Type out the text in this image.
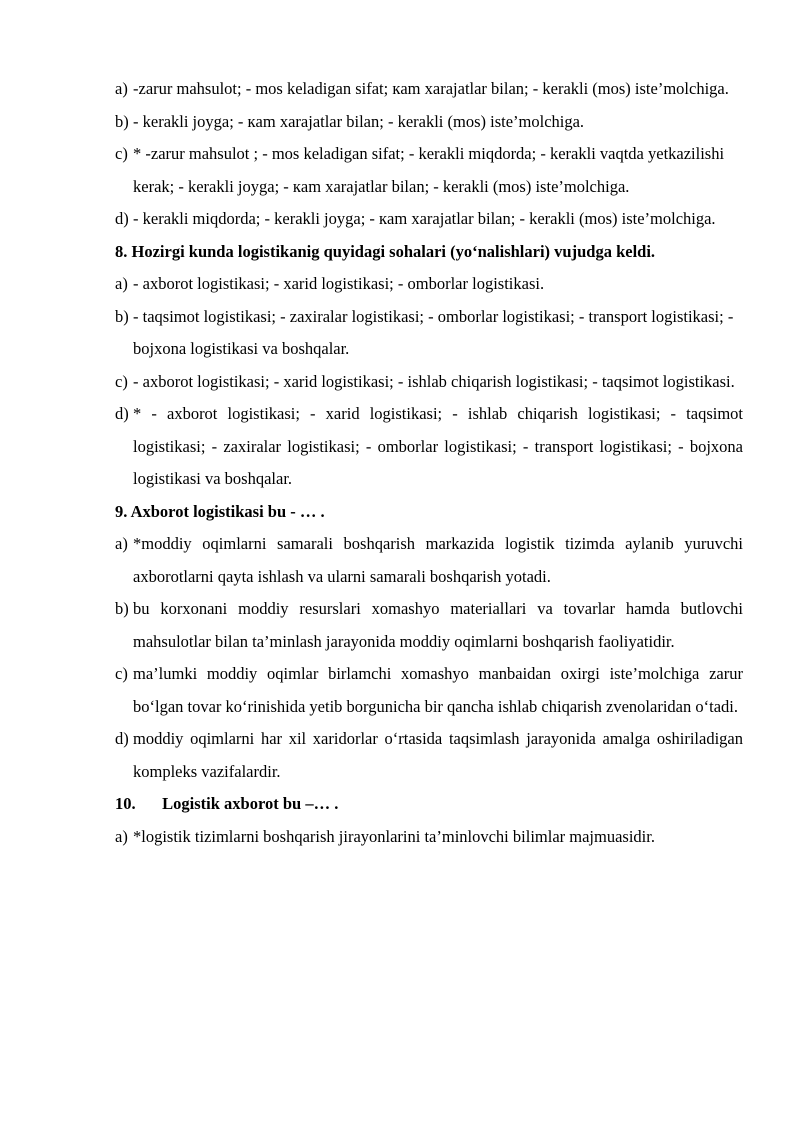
a) -zarur mahsulot; - mos keladigan sifat; кam xarajatlar bilan; - kerakli (mos) iste’molchiga.
b) - kerakli joyga; - кam xarajatlar bilan; - kerakli (mos) iste’molchiga.
c) * -zarur mahsulot ; - mos keladigan sifat; - kerakli miqdorda; - kerakli vaqtda yetkazilishi kerak; - kerakli joyga; - кam xarajatlar bilan; - kerakli (mos) iste’molchiga.
d) - kerakli miqdorda; - kerakli joyga; - кam xarajatlar bilan; - kerakli (mos) iste’molchiga.
8. Hozirgi kunda logistikanig quyidagi sohalari (yo‘nalishlari) vujudga keldi.
a) - axborot logistikasi; - xarid logistikasi; - omborlar logistikasi.
b) - taqsimot logistikasi; - zaxiralar logistikasi; - omborlar logistikasi; - transport logistikasi; - bojxona logistikasi va boshqalar.
c) - axborot logistikasi; - xarid logistikasi; - ishlab chiqarish logistikasi; - taqsimot logistikasi.
d) * - axborot logistikasi; - xarid logistikasi; - ishlab chiqarish logistikasi; - taqsimot logistikasi; - zaxiralar logistikasi; - omborlar logistikasi; - transport logistikasi; - bojxona logistikasi va boshqalar.
9. Axborot logistikasi bu - … .
a) *moddiy oqimlarni samarali boshqarish markazida logistik tizimda aylanib yuruvchi axborotlarni qayta ishlash va ularni samarali boshqarish yotadi.
b) bu korxonani moddiy resurslari xomashyo materiallari va tovarlar hamda butlovchi mahsulotlar bilan ta’minlash jarayonida moddiy oqimlarni boshqarish faoliyatidir.
c) ma’lumki moddiy oqimlar birlamchi xomashyo manbaidan oxirgi iste’molchiga zarur bo‘lgan tovar ko‘rinishida yetib borgunicha bir qancha ishlab chiqarish zvenolaridan o‘tadi.
d) moddiy oqimlarni har xil xaridorlar o‘rtasida taqsimlash jarayonida amalga oshiriladigan kompleks vazifalardir.
10. Logistik axborot bu –… .
a) *logistik tizimlarni boshqarish jirayonlarini ta’minlovchi bilimlar majmuasidir.
